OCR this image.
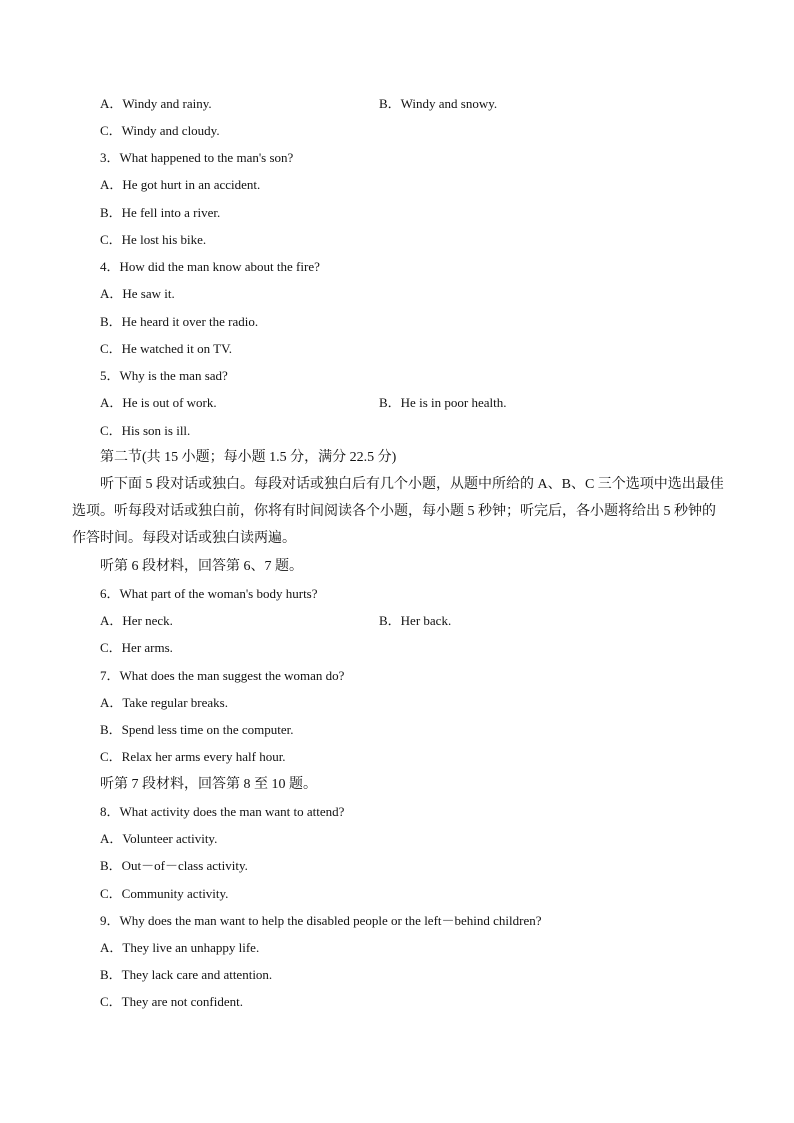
A．Windy and rainy.	B．Windy and snowy.
C．Windy and cloudy.
3．What happened to the man's son?
A．He got hurt in an accident.
B．He fell into a river.
C．He lost his bike.
4．How did the man know about the fire?
A．He saw it.
B．He heard it over the radio.
C．He watched it on TV.
5．Why is the man sad?
A．He is out of work.	B．He is in poor health.
C．His son is ill.
第二节(共 15 小题；每小题 1.5 分，满分 22.5 分)
听下面 5 段对话或独白。每段对话或独白后有几个小题，从题中所给的 A、B、C 三个选项中选出最佳
选项。听每段对话或独白前，你将有时间阅读各个小题，每小题 5 秒钟；听完后，各小题将给出 5 秒钟的
作答时间。每段对话或独白读两遍。
听第 6 段材料，回答第 6、7 题。
6．What part of the woman's body hurts?
A．Her neck.	B．Her back.
C．Her arms.
7．What does the man suggest the woman do?
A．Take regular breaks.
B．Spend less time on the computer.
C．Relax her arms every half hour.
听第 7 段材料，回答第 8 至 10 题。
8．What activity does the man want to attend?
A．Volunteer activity.
B．Out－of－class activity.
C．Community activity.
9．Why does the man want to help the disabled people or the left－behind children?
A．They live an unhappy life.
B．They lack care and attention.
C．They are not confident.
